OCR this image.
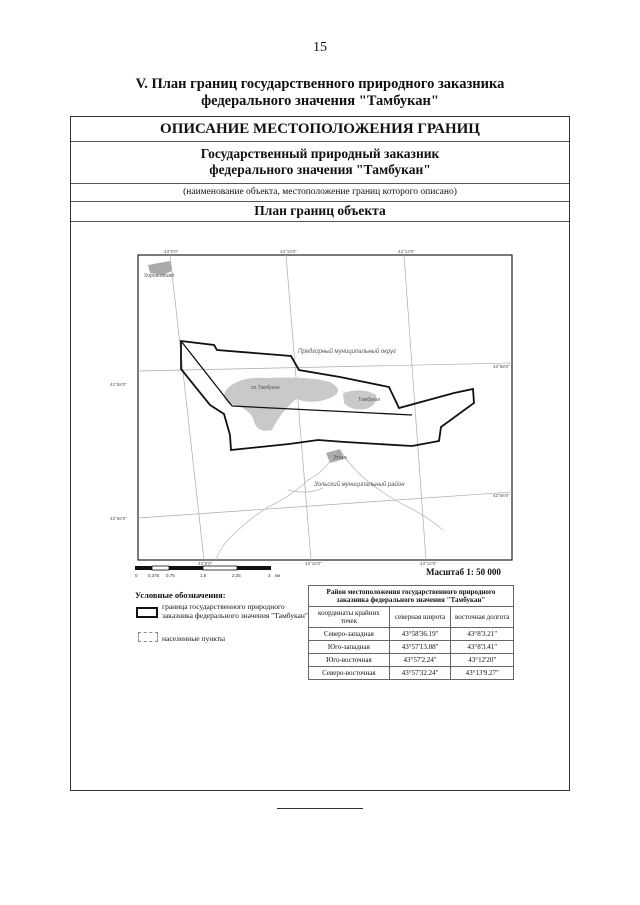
15
V. План границ государственного природного заказника
федерального значения "Тамбукан"
ОПИСАНИЕ МЕСТОПОЛОЖЕНИЯ ГРАНИЦ
Государственный природный заказник
федерального значения "Тамбукан"
(наименование объекта, местоположение границ которого описано)
План границ объекта
43°0'0"	43°10'0"	43°12'0"
43°8'0"	43°10'0"	43°12'0"
43°58'0"
43°56'0"
43°58'0"
43°56'0"
Хороиовский
Предгорный муниципальный округ
оз.Тамбукан
Тамбукан
Этока
Зольский муниципальный район
0 0,375 0,75	1,5	2,25	3 км	Масштаб 1: 50 000
Условные обозначения:
граница государственного природного заказника федерального значения "Тамбукан"
населенные пункты
Район местоположения государственного природного заказника федерального значения "Тамбукан"		
координаты крайних точек	северная широта	восточная долгота
Северо-западная	43°58'36.19"	43°8'3.21"
Юго-западная	43°57'13.88"	43°8'3.41"
Юго-восточная	43°57'2.24"	43°12'20"
Северо-восточная	43°57'32.24"	43°13'9.27"
